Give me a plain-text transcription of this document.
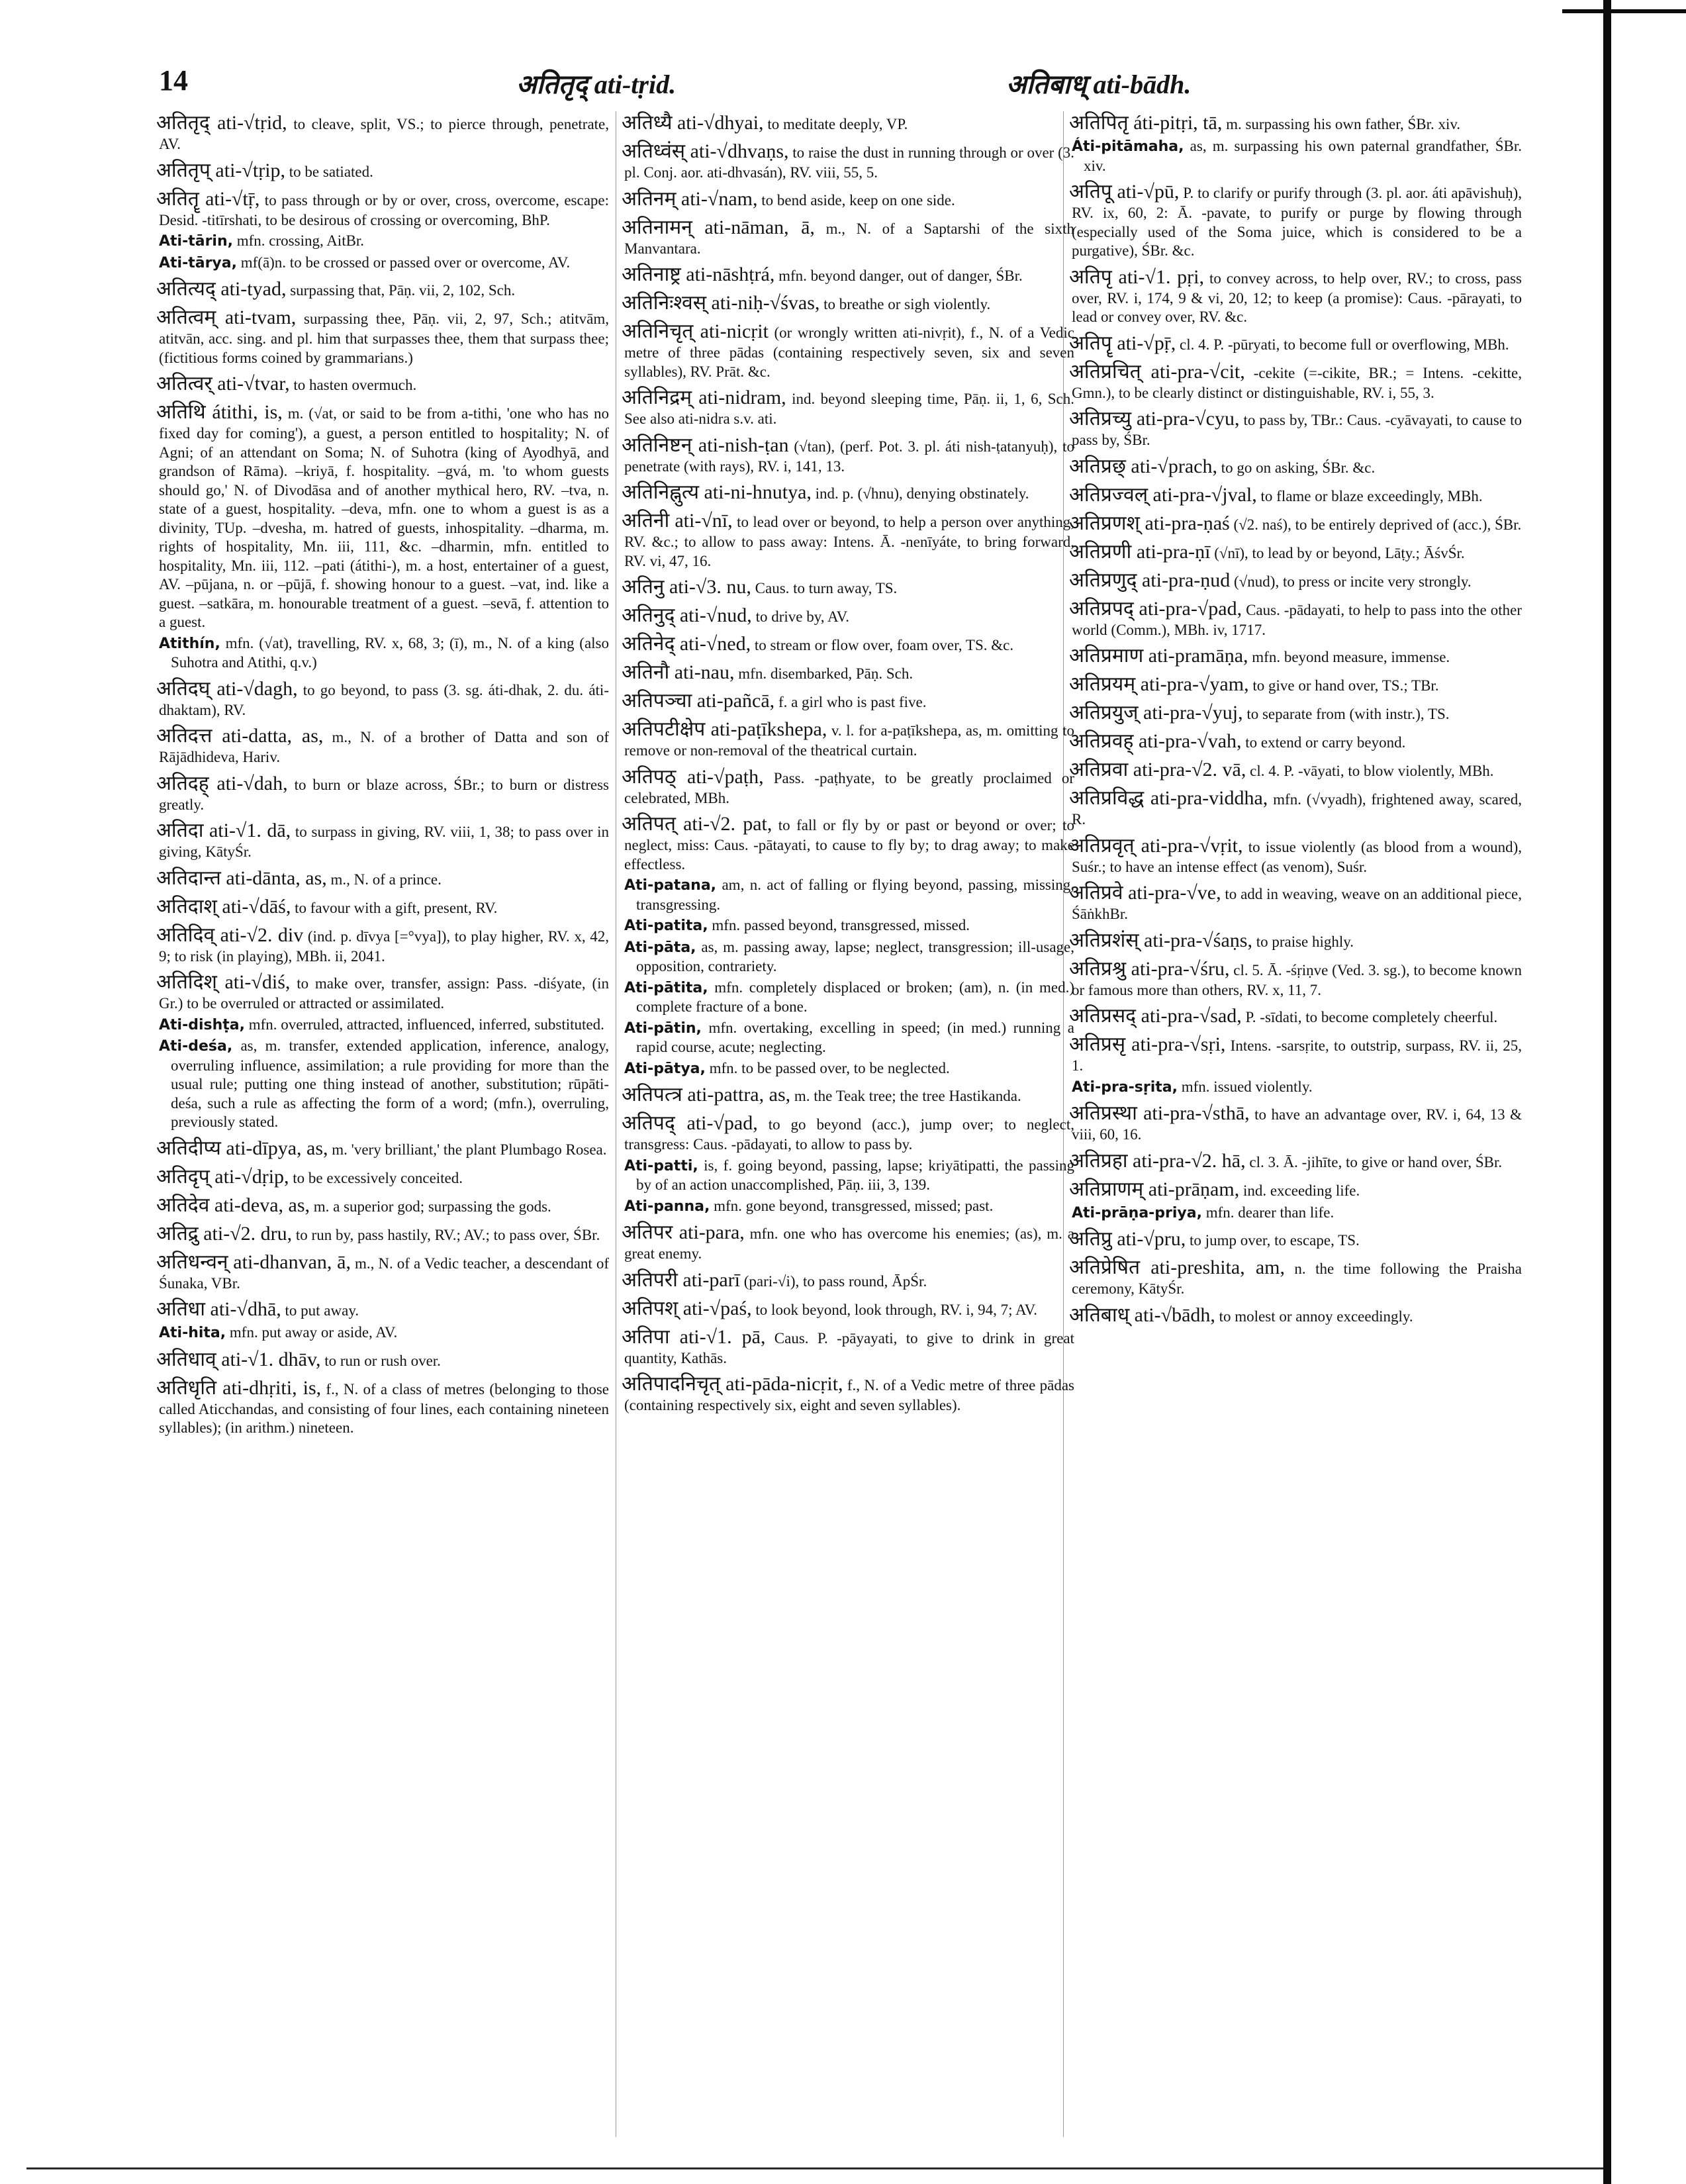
14	अतितृद् ati-tṛid.	अतिबाध् ati-bādh.

अतितृद् ati-√tṛid, to cleave, split, VS.; to pierce through, penetrate, AV.

अतितृप् ati-√tṛip, to be satiated.

अतितॄ ati-√tṝ, to pass through or by or over, cross, overcome, escape: Desid. -titīrshati, to be desirous of crossing or overcoming, BhP.

Ati-tārin, mfn. crossing, AitBr.

Ati-tārya, mf(ā)n. to be crossed or passed over or overcome, AV.

अतित्यद् ati-tyad, surpassing that, Pāṇ. vii, 2, 102, Sch.

अतित्वम् ati-tvam, surpassing thee, Pāṇ. vii, 2, 97, Sch.; atitvām, atitvān, acc. sing. and pl. him that surpasses thee, them that surpass thee; (fictitious forms coined by grammarians.)

अतित्वर् ati-√tvar, to hasten overmuch.

अतिथि átithi, is, m. (√at, or said to be from a-tithi, 'one who has no fixed day for coming'), a guest, a person entitled to hospitality; N. of Agni; of an attendant on Soma; N. of Suhotra (king of Ayodhyā, and grandson of Rāma). –kriyā, f. hospitality. –gvá, m. 'to whom guests should go,' N. of Divodāsa and of another mythical hero, RV. –tva, n. state of a guest, hospitality. –deva, mfn. one to whom a guest is as a divinity, TUp. –dvesha, m. hatred of guests, inhospitality. –dharma, m. rights of hospitality, Mn. iii, 111, &c. –dharmin, mfn. entitled to hospitality, Mn. iii, 112. –pati (átithi-), m. a host, entertainer of a guest, AV. –pūjana, n. or –pūjā, f. showing honour to a guest. –vat, ind. like a guest. –satkāra, m. honourable treatment of a guest. –sevā, f. attention to a guest.

Atithín, mfn. (√at), travelling, RV. x, 68, 3; (ī), m., N. of a king (also Suhotra and Atithi, q.v.)

अतिदघ् ati-√dagh, to go beyond, to pass (3. sg. áti-dhak, 2. du. áti-dhaktam), RV.

अतिदत्त ati-datta, as, m., N. of a brother of Datta and son of Rājādhideva, Hariv.

अतिदह् ati-√dah, to burn or blaze across, ŚBr.; to burn or distress greatly.

अतिदा ati-√1. dā, to surpass in giving, RV. viii, 1, 38; to pass over in giving, KātyŚr.

अतिदान्त ati-dānta, as, m., N. of a prince.

अतिदाश् ati-√dāś, to favour with a gift, present, RV.

अतिदिव् ati-√2. div (ind. p. dīvya [=°vya]), to play higher, RV. x, 42, 9; to risk (in playing), MBh. ii, 2041.

अतिदिश् ati-√diś, to make over, transfer, assign: Pass. -diśyate, (in Gr.) to be overruled or attracted or assimilated.

Ati-dishṭa, mfn. overruled, attracted, influenced, inferred, substituted.

Ati-deśa, as, m. transfer, extended application, inference, analogy, overruling influence, assimilation; a rule providing for more than the usual rule; putting one thing instead of another, substitution; rūpāti-deśa, such a rule as affecting the form of a word; (mfn.), overruling, previously stated.

अतिदीप्य ati-dīpya, as, m. 'very brilliant,' the plant Plumbago Rosea.

अतिदृप् ati-√dṛip, to be excessively conceited.

अतिदेव ati-deva, as, m. a superior god; surpassing the gods.

अतिद्रु ati-√2. dru, to run by, pass hastily, RV.; AV.; to pass over, ŚBr.

अतिधन्वन् ati-dhanvan, ā, m., N. of a Vedic teacher, a descendant of Śunaka, VBr.

अतिधा ati-√dhā, to put away.

Ati-hita, mfn. put away or aside, AV.

अतिधाव् ati-√1. dhāv, to run or rush over.

अतिधृति ati-dhṛiti, is, f., N. of a class of metres (belonging to those called Aticchandas, and consisting of four lines, each containing nineteen syllables); (in arithm.) nineteen.

अतिध्यै ati-√dhyai, to meditate deeply, VP.

अतिध्वंस् ati-√dhvaṇs, to raise the dust in running through or over (3. pl. Conj. aor. ati-dhvasán), RV. viii, 55, 5.

अतिनम् ati-√nam, to bend aside, keep on one side.

अतिनामन् ati-nāman, ā, m., N. of a Saptarshi of the sixth Manvantara.

अतिनाष्ट्र ati-nāshṭrá, mfn. beyond danger, out of danger, ŚBr.

अतिनिःश्वस् ati-niḥ-√śvas, to breathe or sigh violently.

अतिनिचृत् ati-nicṛit (or wrongly written ati-nivṛit), f., N. of a Vedic metre of three pādas (containing respectively seven, six and seven syllables), RV. Prāt. &c.

अतिनिद्रम् ati-nidram, ind. beyond sleeping time, Pāṇ. ii, 1, 6, Sch. See also ati-nidra s.v. ati.

अतिनिष्टन् ati-nish-ṭan (√tan), (perf. Pot. 3. pl. áti nish-ṭatanyuḥ), to penetrate (with rays), RV. i, 141, 13.

अतिनिह्नुत्य ati-ni-hnutya, ind. p. (√hnu), denying obstinately.

अतिनी ati-√nī, to lead over or beyond, to help a person over anything, RV. &c.; to allow to pass away: Intens. Ā. -nenīyáte, to bring forward, RV. vi, 47, 16.

अतिनु ati-√3. nu, Caus. to turn away, TS.

अतिनुद् ati-√nud, to drive by, AV.

अतिनेद् ati-√ned, to stream or flow over, foam over, TS. &c.

अतिनौ ati-nau, mfn. disembarked, Pāṇ. Sch.

अतिपञ्चा ati-pañcā, f. a girl who is past five.

अतिपटीक्षेप ati-paṭīkshepa, v. l. for a-paṭīkshepa, as, m. omitting to remove or non-removal of the theatrical curtain.

अतिपठ् ati-√paṭh, Pass. -paṭhyate, to be greatly proclaimed or celebrated, MBh.

अतिपत् ati-√2. pat, to fall or fly by or past or beyond or over; to neglect, miss: Caus. -pātayati, to cause to fly by; to drag away; to make effectless.

Ati-patana, am, n. act of falling or flying beyond, passing, missing, transgressing.

Ati-patita, mfn. passed beyond, transgressed, missed.

Ati-pāta, as, m. passing away, lapse; neglect, transgression; ill-usage, opposition, contrariety.

Ati-pātita, mfn. completely displaced or broken; (am), n. (in med.) complete fracture of a bone.

Ati-pātin, mfn. overtaking, excelling in speed; (in med.) running a rapid course, acute; neglecting.

Ati-pātya, mfn. to be passed over, to be neglected.

अतिपत्त्र ati-pattra, as, m. the Teak tree; the tree Hastikanda.

अतिपद् ati-√pad, to go beyond (acc.), jump over; to neglect, transgress: Caus. -pādayati, to allow to pass by.

Ati-patti, is, f. going beyond, passing, lapse; kriyātipatti, the passing by of an action unaccomplished, Pāṇ. iii, 3, 139.

Ati-panna, mfn. gone beyond, transgressed, missed; past.

अतिपर ati-para, mfn. one who has overcome his enemies; (as), m. a great enemy.

अतिपरी ati-parī (pari-√i), to pass round, ĀpŚr.

अतिपश् ati-√paś, to look beyond, look through, RV. i, 94, 7; AV.

अतिपा ati-√1. pā, Caus. P. -pāyayati, to give to drink in great quantity, Kathās.

अतिपादनिचृत् ati-pāda-nicṛit, f., N. of a Vedic metre of three pādas (containing respectively six, eight and seven syllables).

अतिपितृ áti-pitṛi, tā, m. surpassing his own father, ŚBr. xiv.

Áti-pitāmaha, as, m. surpassing his own paternal grandfather, ŚBr. xiv.

अतिपू ati-√pū, P. to clarify or purify through (3. pl. aor. áti apāvishuḥ), RV. ix, 60, 2: Ā. -pavate, to purify or purge by flowing through (especially used of the Soma juice, which is considered to be a purgative), ŚBr. &c.

अतिपृ ati-√1. pṛi, to convey across, to help over, RV.; to cross, pass over, RV. i, 174, 9 & vi, 20, 12; to keep (a promise): Caus. -pārayati, to lead or convey over, RV. &c.

अतिपॄ ati-√pṝ, cl. 4. P. -pūryati, to become full or overflowing, MBh.

अतिप्रचित् ati-pra-√cit, -cekite (=-cikite, BR.; = Intens. -cekitte, Gmn.), to be clearly distinct or distinguishable, RV. i, 55, 3.

अतिप्रच्यु ati-pra-√cyu, to pass by, TBr.: Caus. -cyāvayati, to cause to pass by, ŚBr.

अतिप्रछ् ati-√prach, to go on asking, ŚBr. &c.

अतिप्रज्वल् ati-pra-√jval, to flame or blaze exceedingly, MBh.

अतिप्रणश् ati-pra-ṇaś (√2. naś), to be entirely deprived of (acc.), ŚBr.

अतिप्रणी ati-pra-ṇī (√nī), to lead by or beyond, Lāṭy.; ĀśvŚr.

अतिप्रणुद् ati-pra-ṇud (√nud), to press or incite very strongly.

अतिप्रपद् ati-pra-√pad, Caus. -pādayati, to help to pass into the other world (Comm.), MBh. iv, 1717.

अतिप्रमाण ati-pramāṇa, mfn. beyond measure, immense.

अतिप्रयम् ati-pra-√yam, to give or hand over, TS.; TBr.

अतिप्रयुज् ati-pra-√yuj, to separate from (with instr.), TS.

अतिप्रवह् ati-pra-√vah, to extend or carry beyond.

अतिप्रवा ati-pra-√2. vā, cl. 4. P. -vāyati, to blow violently, MBh.

अतिप्रविद्ध ati-pra-viddha, mfn. (√vyadh), frightened away, scared, R.

अतिप्रवृत् ati-pra-√vṛit, to issue violently (as blood from a wound), Suśr.; to have an intense effect (as venom), Suśr.

अतिप्रवे ati-pra-√ve, to add in weaving, weave on an additional piece, ŚāṅkhBr.

अतिप्रशंस् ati-pra-√śaṇs, to praise highly.

अतिप्रश्रु ati-pra-√śru, cl. 5. Ā. -śṛiṇve (Ved. 3. sg.), to become known or famous more than others, RV. x, 11, 7.

अतिप्रसद् ati-pra-√sad, P. -sīdati, to become completely cheerful.

अतिप्रसृ ati-pra-√sṛi, Intens. -sarsṛite, to outstrip, surpass, RV. ii, 25, 1.

Ati-pra-sṛita, mfn. issued violently.

अतिप्रस्था ati-pra-√sthā, to have an advantage over, RV. i, 64, 13 & viii, 60, 16.

अतिप्रहा ati-pra-√2. hā, cl. 3. Ā. -jihīte, to give or hand over, ŚBr.

अतिप्राणम् ati-prāṇam, ind. exceeding life.

Ati-prāṇa-priya, mfn. dearer than life.

अतिप्रु ati-√pru, to jump over, to escape, TS.

अतिप्रेषित ati-preshita, am, n. the time following the Praisha ceremony, KātyŚr.

अतिबाध् ati-√bādh, to molest or annoy exceedingly.
